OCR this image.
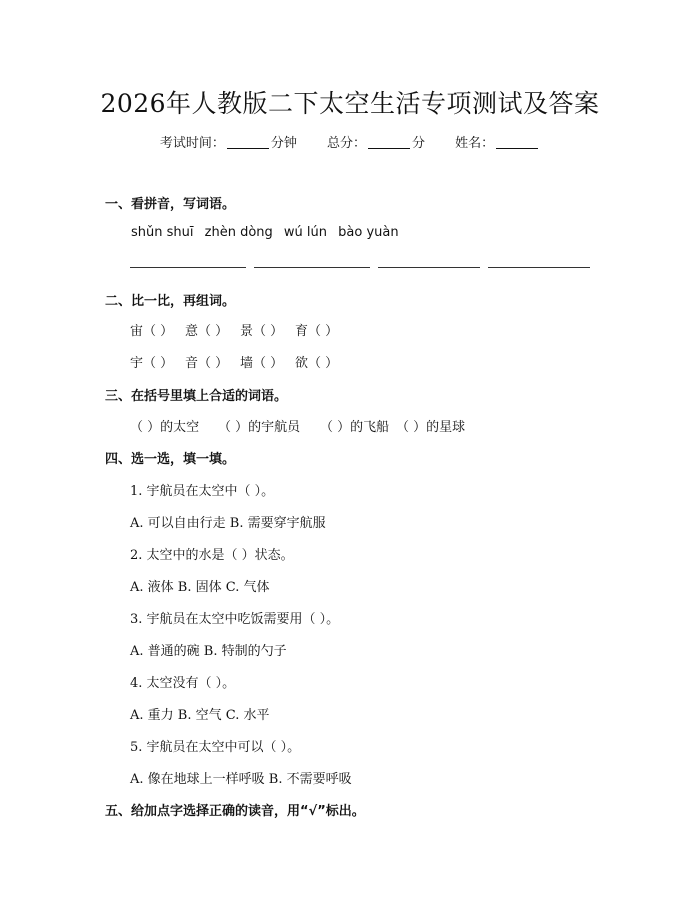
2026年人教版二下太空生活专项测试及答案
考试时间：	分钟 总分：	分 姓名：
一、看拼音，写词语。
shǔn shuī zhèn dòng wú lún bào yuàn
二、比一比，再组词。
宙（ ） 意（ ） 景（ ） 育（ ）
宇（ ） 音（ ） 墙（ ） 欲（ ）
三、在括号里填上合适的词语。
（ ）的太空 （ ）的宇航员 （ ）的飞船 （ ）的星球
四、选一选，填一填。
1. 宇航员在太空中（ ）。
A. 可以自由行走 B. 需要穿宇航服
2. 太空中的水是（ ）状态。
A. 液体 B. 固体 C. 气体
3. 宇航员在太空中吃饭需要用（ ）。
A. 普通的碗 B. 特制的勺子
4. 太空没有（ ）。
A. 重力 B. 空气 C. 水平
5. 宇航员在太空中可以（ ）。
A. 像在地球上一样呼吸 B. 不需要呼吸
五、给加点字选择正确的读音，用“√”标出。
